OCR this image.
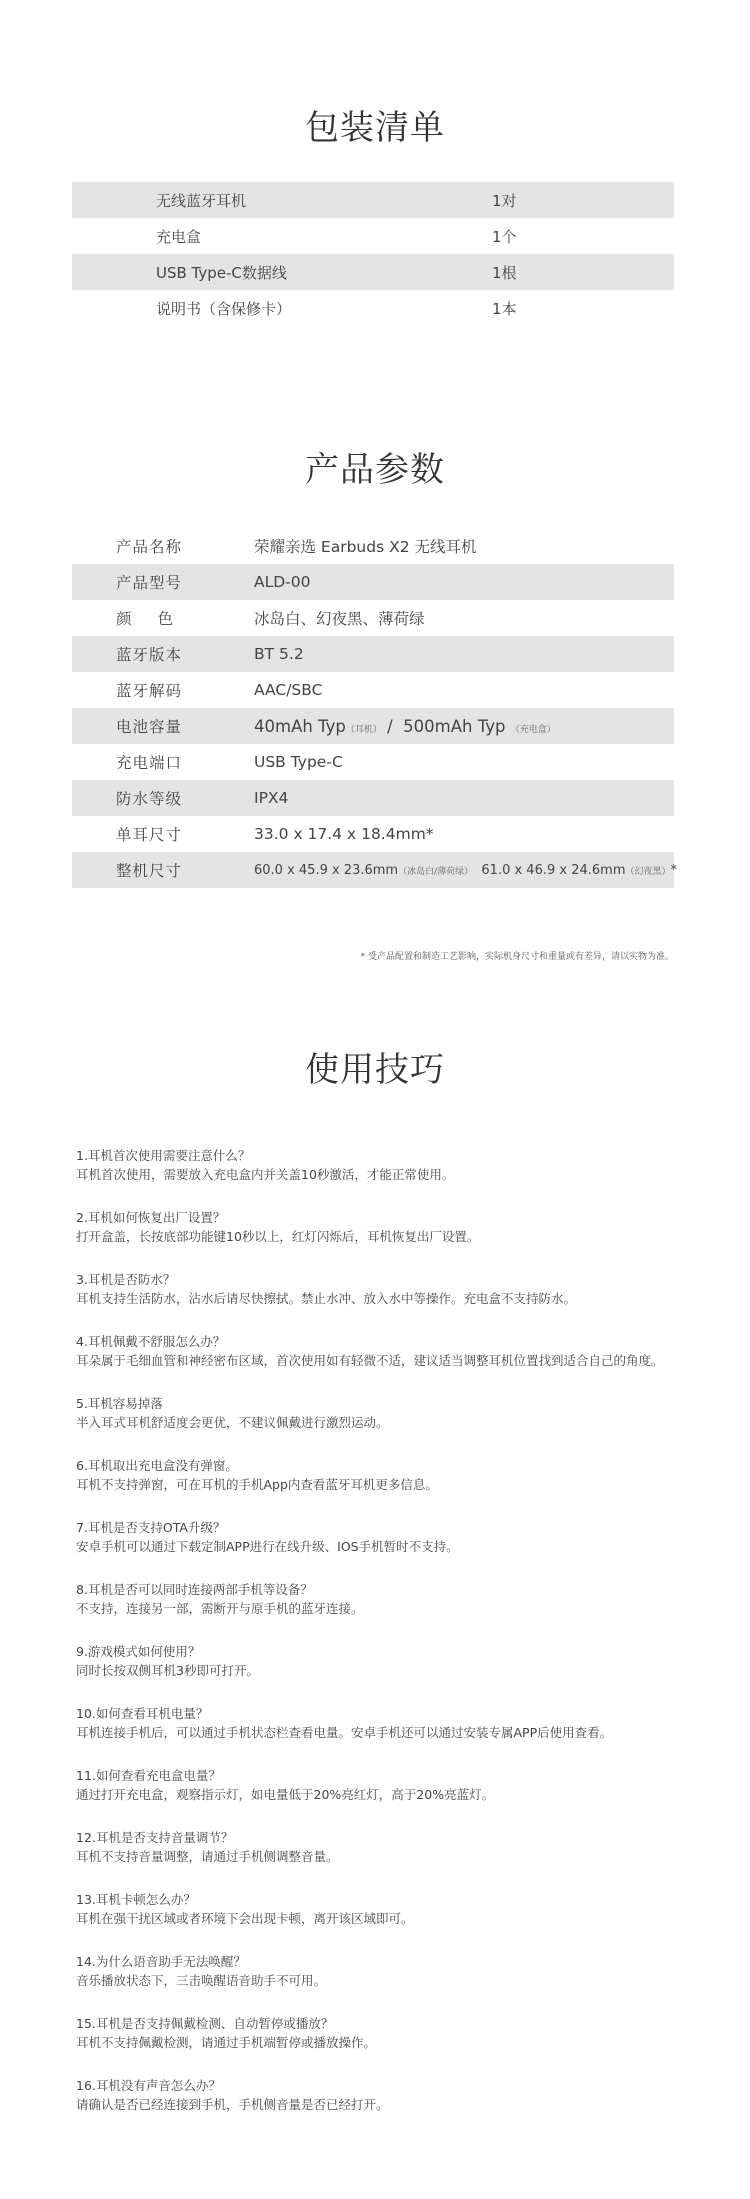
包装清单
无线蓝牙耳机	1对
充电盒	1个
USB Type-C数据线	1根
说明书（含保修卡）	1本
产品参数
产品名称	荣耀亲选 Earbuds X2 无线耳机
产品型号	ALD-00
颜色	冰岛白、幻夜黑、薄荷绿
蓝牙版本	BT 5.2
蓝牙解码	AAC/SBC
电池容量	40mAh Typ（耳机） / 500mAh Typ （充电盒）
充电端口	USB Type-C
防水等级	IPX4
单耳尺寸	33.0 x 17.4 x 18.4mm*
整机尺寸	60.0 x 45.9 x 23.6mm（冰岛白/薄荷绿） 61.0 x 46.9 x 24.6mm（幻夜黑）*
* 受产品配置和制造工艺影响，实际机身尺寸和重量或有差异，请以实物为准。
使用技巧
1.耳机首次使用需要注意什么？
耳机首次使用，需要放入充电盒内并关盖10秒激活，才能正常使用。
2.耳机如何恢复出厂设置？
打开盒盖，长按底部功能键10秒以上，红灯闪烁后，耳机恢复出厂设置。
3.耳机是否防水？
耳机支持生活防水，沾水后请尽快擦拭。禁止水冲、放入水中等操作。充电盒不支持防水。
4.耳机佩戴不舒服怎么办？
耳朵属于毛细血管和神经密布区域，首次使用如有轻微不适，建议适当调整耳机位置找到适合自己的角度。
5.耳机容易掉落
半入耳式耳机舒适度会更优，不建议佩戴进行激烈运动。
6.耳机取出充电盒没有弹窗。
耳机不支持弹窗，可在耳机的手机App内查看蓝牙耳机更多信息。
7.耳机是否支持OTA升级？
安卓手机可以通过下载定制APP进行在线升级、IOS手机暂时不支持。
8.耳机是否可以同时连接两部手机等设备？
不支持，连接另一部，需断开与原手机的蓝牙连接。
9.游戏模式如何使用？
同时长按双侧耳机3秒即可打开。
10.如何查看耳机电量？
耳机连接手机后，可以通过手机状态栏查看电量。安卓手机还可以通过安装专属APP后使用查看。
11.如何查看充电盒电量？
通过打开充电盒，观察指示灯，如电量低于20%亮红灯，高于20%亮蓝灯。
12.耳机是否支持音量调节？
耳机不支持音量调整，请通过手机侧调整音量。
13.耳机卡顿怎么办？
耳机在强干扰区域或者环境下会出现卡顿，离开该区域即可。
14.为什么语音助手无法唤醒？
音乐播放状态下，三击唤醒语音助手不可用。
15.耳机是否支持佩戴检测、自动暂停或播放？
耳机不支持佩戴检测，请通过手机端暂停或播放操作。
16.耳机没有声音怎么办？
请确认是否已经连接到手机，手机侧音量是否已经打开。
